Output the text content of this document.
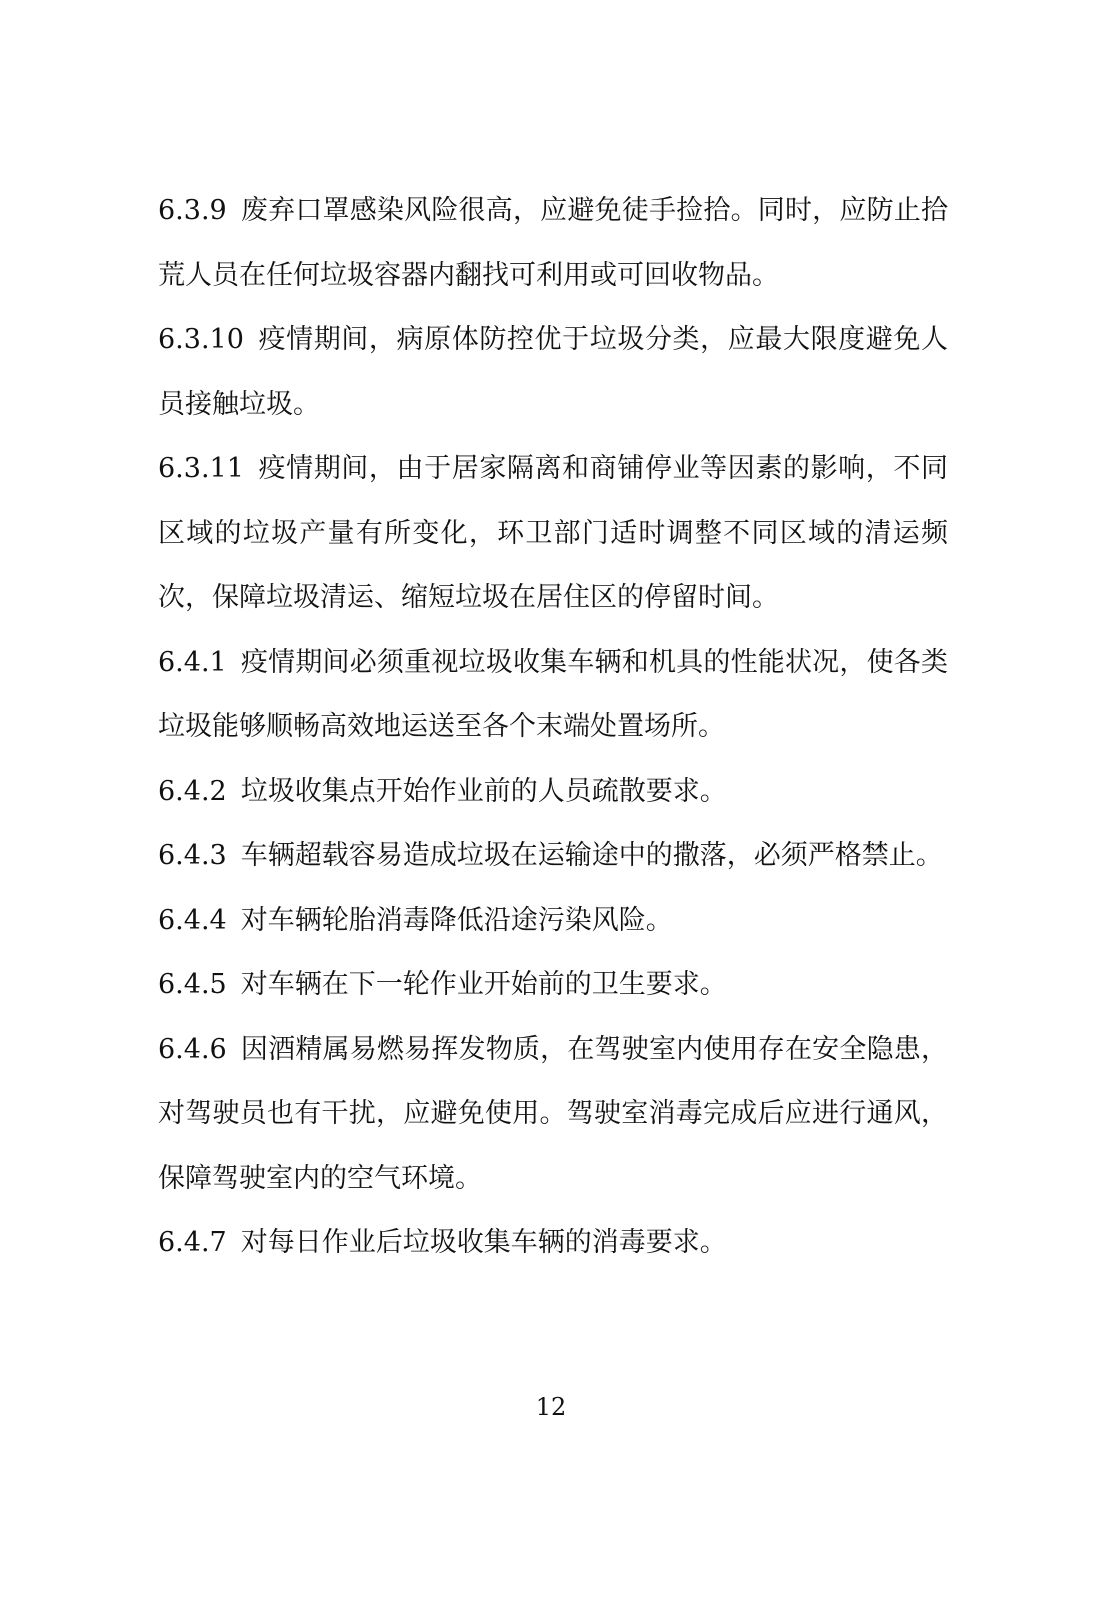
6.3.9 废弃口罩感染风险很高，应避免徒手捡拾。同时，应防止拾荒人员在任何垃圾容器内翻找可利用或可回收物品。

6.3.10 疫情期间，病原体防控优于垃圾分类，应最大限度避免人员接触垃圾。

6.3.11 疫情期间，由于居家隔离和商铺停业等因素的影响，不同区域的垃圾产量有所变化，环卫部门适时调整不同区域的清运频次，保障垃圾清运、缩短垃圾在居住区的停留时间。

6.4.1 疫情期间必须重视垃圾收集车辆和机具的性能状况，使各类垃圾能够顺畅高效地运送至各个末端处置场所。

6.4.2 垃圾收集点开始作业前的人员疏散要求。

6.4.3 车辆超载容易造成垃圾在运输途中的撒落，必须严格禁止。

6.4.4 对车辆轮胎消毒降低沿途污染风险。

6.4.5 对车辆在下一轮作业开始前的卫生要求。

6.4.6 因酒精属易燃易挥发物质，在驾驶室内使用存在安全隐患，对驾驶员也有干扰，应避免使用。驾驶室消毒完成后应进行通风，保障驾驶室内的空气环境。

6.4.7 对每日作业后垃圾收集车辆的消毒要求。

12
